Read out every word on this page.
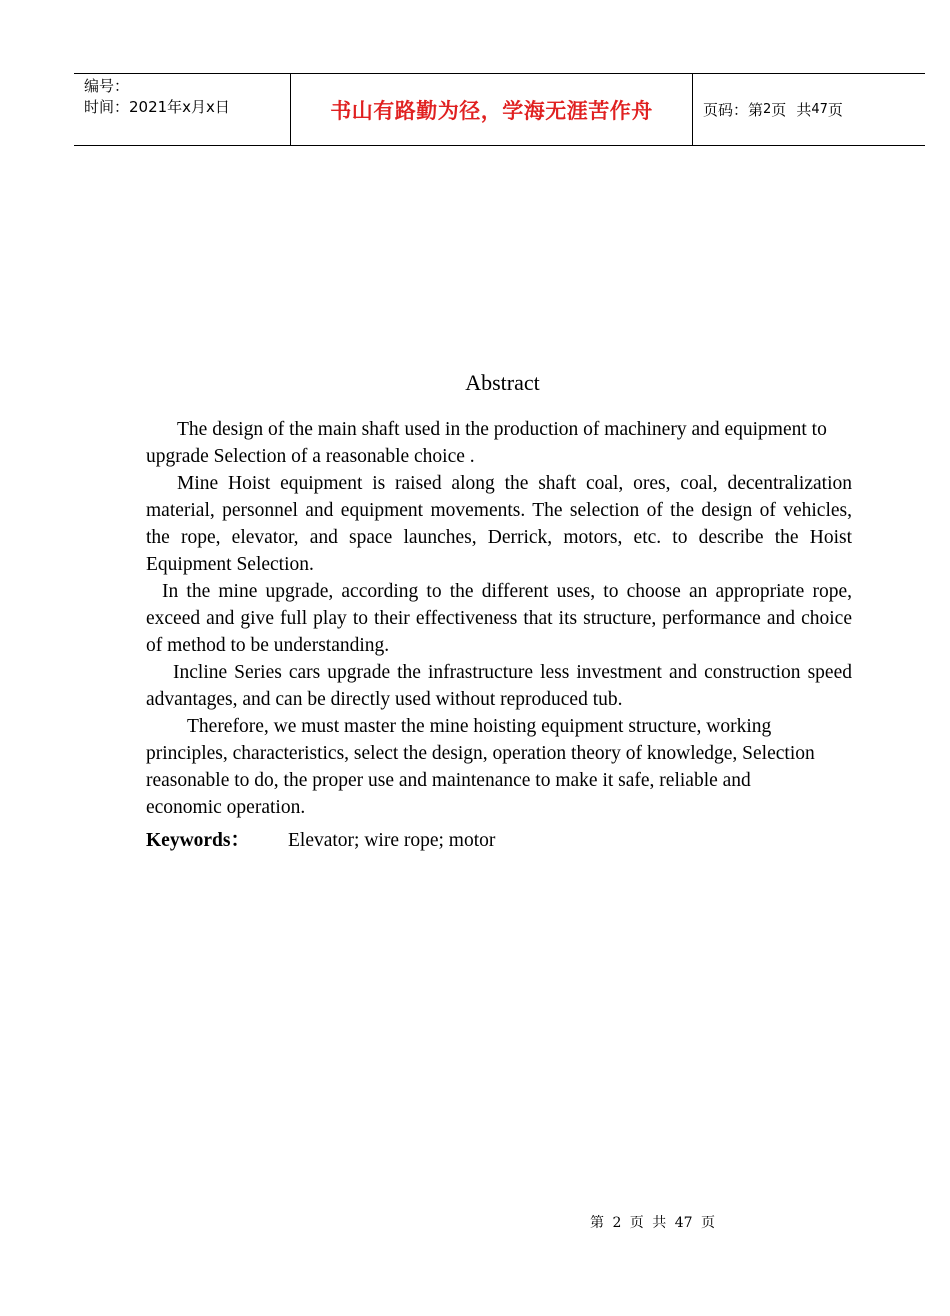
编号：
时间：2021年x月x日	书山有路勤为径，学海无涯苦作舟	页码：第 2 页 共 47 页
Abstract

The design of the main shaft used in the production of machinery and equipment to upgrade Selection of a reasonable choice .

Mine Hoist equipment is raised along the shaft coal, ores, coal, decentralization material, personnel and equipment movements. The selection of the design of vehicles, the rope, elevator, and space launches, Derrick, motors, etc. to describe the Hoist Equipment Selection.

In the mine upgrade, according to the different uses, to choose an appropriate rope, exceed and give full play to their effectiveness that its structure, performance and choice of method to be understanding.

Incline Series cars upgrade the infrastructure less investment and construction speed advantages, and can be directly used without reproduced tub.

Therefore, we must master the mine hoisting equipment structure, working principles, characteristics, select the design, operation theory of knowledge, Selection reasonable to do, the proper use and maintenance to make it safe, reliable and economic operation.

Keywords： Elevator; wire rope; motor

第 2 页 共 47 页
